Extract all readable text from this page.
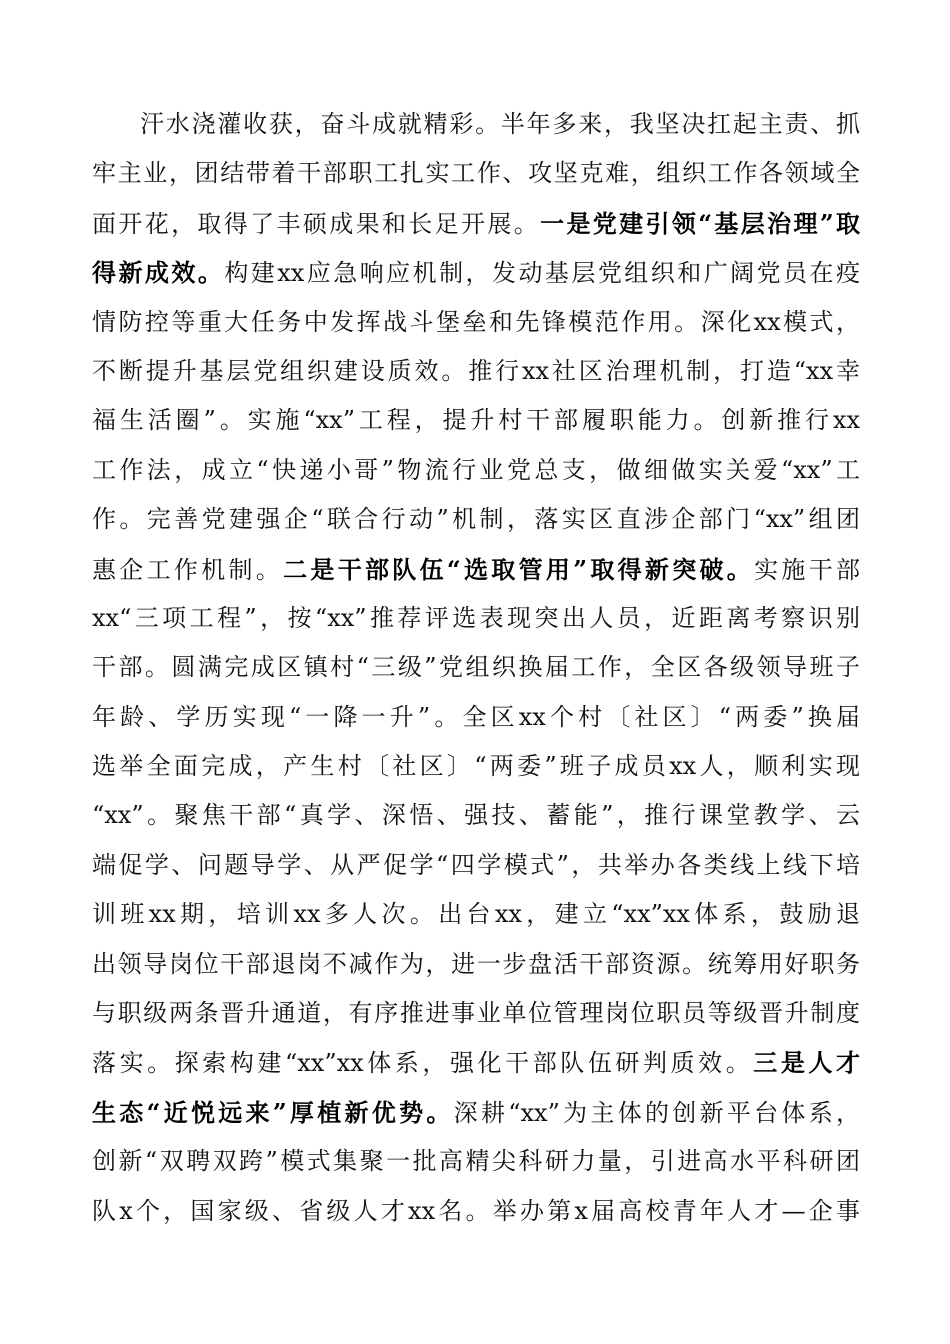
汗水浇灌收获，奋斗成就精彩。半年多来，我坚决扛起主责、抓
牢主业，团结带着干部职工扎实工作、攻坚克难，组织工作各领域全
面开花，取得了丰硕成果和长足开展。一是党建引领“基层治理”取
得新成效。构建xx应急响应机制，发动基层党组织和广阔党员在疫
情防控等重大任务中发挥战斗堡垒和先锋模范作用。深化xx模式，
不断提升基层党组织建设质效。推行xx社区治理机制，打造“xx幸
福生活圈”。实施“xx”工程，提升村干部履职能力。创新推行xx
工作法，成立“快递小哥”物流行业党总支，做细做实关爱“xx”工
作。完善党建强企“联合行动”机制，落实区直涉企部门“xx”组团
惠企工作机制。二是干部队伍“选取管用”取得新突破。实施干部
xx“三项工程”，按“xx”推荐评选表现突出人员，近距离考察识别
干部。圆满完成区镇村“三级”党组织换届工作，全区各级领导班子
年龄、学历实现“一降一升”。全区xx个村〔社区〕“两委”换届
选举全面完成，产生村〔社区〕“两委”班子成员xx人，顺利实现
“xx”。聚焦干部“真学、深悟、强技、蓄能”，推行课堂教学、云
端促学、问题导学、从严促学“四学模式”，共举办各类线上线下培
训班xx期，培训xx多人次。出台xx，建立“xx”xx体系，鼓励退
出领导岗位干部退岗不减作为，进一步盘活干部资源。统筹用好职务
与职级两条晋升通道，有序推进事业单位管理岗位职员等级晋升制度
落实。探索构建“xx”xx体系，强化干部队伍研判质效。三是人才
生态“近悦远来”厚植新优势。深耕“xx”为主体的创新平台体系，
创新“双聘双跨”模式集聚一批高精尖科研力量，引进高水平科研团
队x个，国家级、省级人才xx名。举办第x届高校青年人才—企事
